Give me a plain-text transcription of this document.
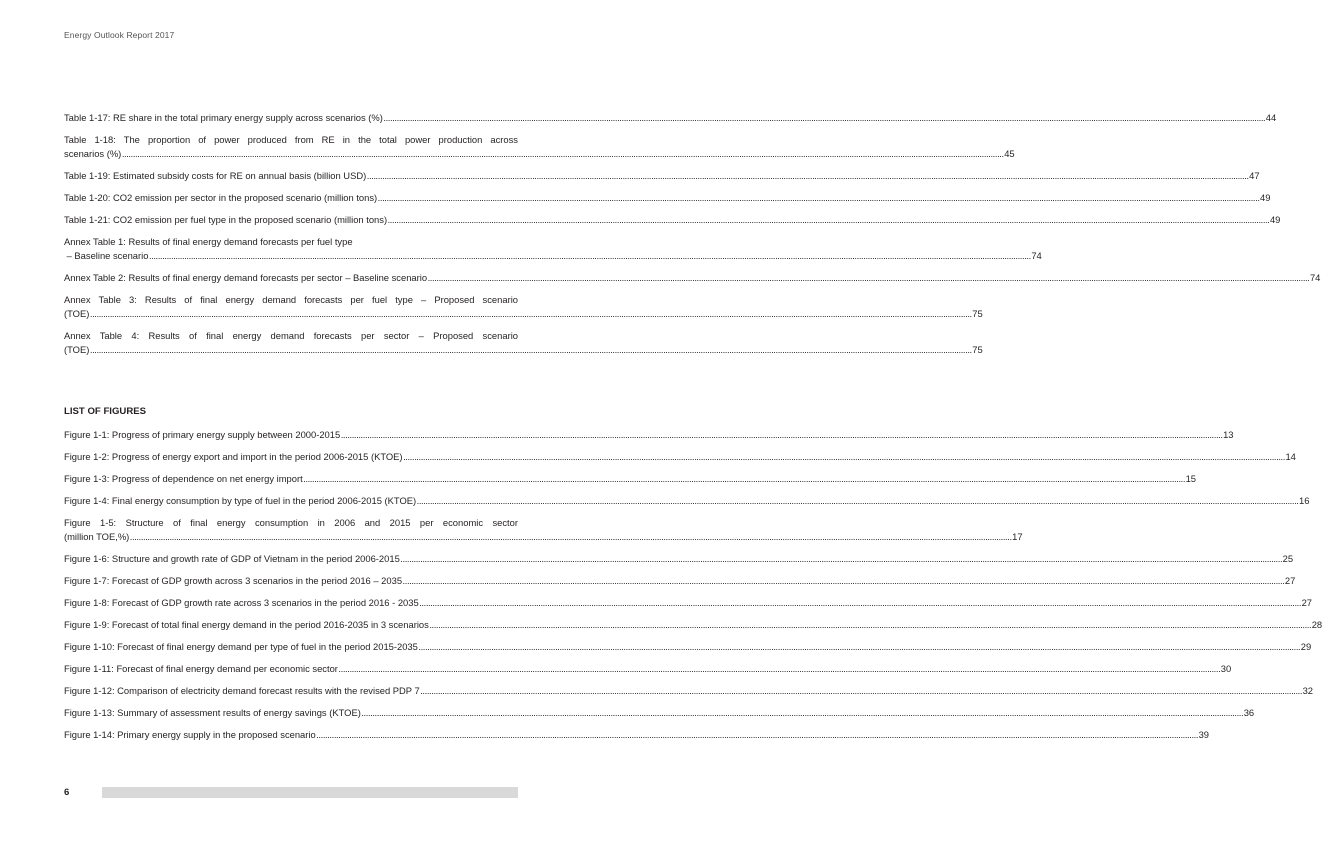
Energy Outlook Report 2017
Table 1-17: RE share in the total primary energy supply across scenarios (%) ................................................................................................................................................................................................................................................................................................................................................................................................................ 44
Table 1-18: The proportion of power produced from RE in the total power production across
scenarios (%) ................................................................................................................................................................................................................................................................................................................................................................................................................ 45
Table 1-19: Estimated subsidy costs for RE on annual basis (billion USD) ................................................................................................................................................................................................................................................................................................................................................................................................................ 47
Table 1-20: CO2 emission per sector in the proposed scenario (million tons) ................................................................................................................................................................................................................................................................................................................................................................................................................ 49
Table 1-21: CO2 emission per fuel type in the proposed scenario (million tons) ................................................................................................................................................................................................................................................................................................................................................................................................................ 49
Annex Table 1: Results of final energy demand forecasts per fuel type
– Baseline scenario ................................................................................................................................................................................................................................................................................................................................................................................................................ 74
Annex Table 2: Results of final energy demand forecasts per sector – Baseline scenario ................................................................................................................................................................................................................................................................................................................................................................................................................ 74
Annex Table 3: Results of final energy demand forecasts per fuel type – Proposed scenario
(TOE) ................................................................................................................................................................................................................................................................................................................................................................................................................ 75
Annex Table 4: Results of final energy demand forecasts per sector – Proposed scenario
(TOE) ................................................................................................................................................................................................................................................................................................................................................................................................................ 75
LIST OF FIGURES
Figure 1-1: Progress of primary energy supply between 2000-2015 ................................................................................................................................................................................................................................................................................................................................................................................................................ 13
Figure 1-2: Progress of energy export and import in the period 2006-2015 (KTOE) ................................................................................................................................................................................................................................................................................................................................................................................................................ 14
Figure 1-3: Progress of dependence on net energy import ................................................................................................................................................................................................................................................................................................................................................................................................................ 15
Figure 1-4: Final energy consumption by type of fuel in the period 2006-2015 (KTOE) ................................................................................................................................................................................................................................................................................................................................................................................................................ 16
Figure 1-5: Structure of final energy consumption in 2006 and 2015 per economic sector
(million TOE,%) ................................................................................................................................................................................................................................................................................................................................................................................................................ 17
Figure 1-6: Structure and growth rate of GDP of Vietnam in the period 2006-2015 ................................................................................................................................................................................................................................................................................................................................................................................................................ 25
Figure 1-7: Forecast of GDP growth across 3 scenarios in the period 2016 – 2035 ................................................................................................................................................................................................................................................................................................................................................................................................................ 27
Figure 1-8: Forecast of GDP growth rate across 3 scenarios in the period 2016 - 2035 ................................................................................................................................................................................................................................................................................................................................................................................................................ 27
Figure 1-9: Forecast of total final energy demand in the period 2016-2035 in 3 scenarios ................................................................................................................................................................................................................................................................................................................................................................................................................ 28
Figure 1-10: Forecast of final energy demand per type of fuel in the period 2015-2035 ................................................................................................................................................................................................................................................................................................................................................................................................................ 29
Figure 1-11: Forecast of final energy demand per economic sector ................................................................................................................................................................................................................................................................................................................................................................................................................ 30
Figure 1-12: Comparison of electricity demand forecast results with the revised PDP 7 ................................................................................................................................................................................................................................................................................................................................................................................................................ 32
Figure 1-13: Summary of assessment results of energy savings (KTOE) ................................................................................................................................................................................................................................................................................................................................................................................................................ 36
Figure 1-14: Primary energy supply in the proposed scenario ................................................................................................................................................................................................................................................................................................................................................................................................................ 39
6
